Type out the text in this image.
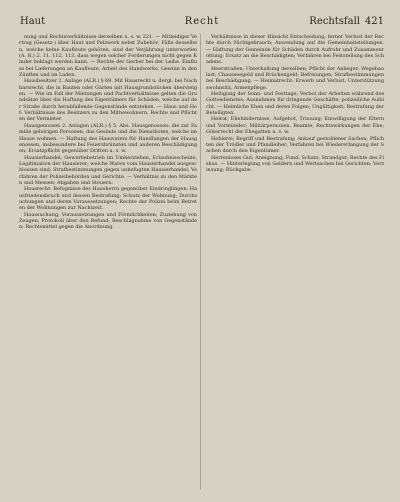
Haut	Recht	Rechtsfall 421

nung und Rechtsverhältnisse derselben u. s. w. 221. — Mitleidiger Vertrag (Gesetz-) über Haut und Pelzwerk nebst Zubehör; Fälle desselben, welche keine Kaufleute gehören, sind der Verjährung unterworfen (A. R.) 2. 11. 112, 113. dass wegen solcher Forderungen nicht gegen Kinder beklagt werden kann. — Rechte der Gerber bei der Leihe. Einfluss bei Lieferungen an Kaufleute, Arbeit des Handwerks, Gewinn in den Zünften und im Laden.

Hausbesitzer 2. Anlage (ALR.) § 69. Mit Hausrecht u. dergl. bei Nachbarsrecht, die in Bauten oder Gärten mit Hausgrundstücken übersteigen. — Wie im Fall der Mietungen und Pachtverhältnisse gelten die Grundsätze über die Haftung des Eigentümers für Schäden, welche auf der Straße durch herabfallende Gegenstände entstehen. — Haus und Hof: Verhältnisse des Besitzers zu den Mitbewohnern, Rechte und Pflichten der Vermieter.

Hausgenossen 2. Anlagen (ALR.) § 5. Abs. Hausgenossen: die zur Familie gehörigen Personen, das Gesinde und die Dienstboten, welche im Hause wohnen. — Haftung des Hausvaters für Handlungen der Hausgenossen, insbesondere bei Feuersbrünsten und anderen Beschädigungen; Ersatzpflicht gegenüber Dritten u. s. w.

Hausierhandel; Gewerbebetrieb im Umherziehen, Erlaubnisscheine, Legitimation der Hausierer; welche Waren vom Hausierhandel ausgeschlossen sind; Strafbestimmungen gegen unbefugten Hausierhandel; Verfahren der Polizeibehörden und Gerichte. — Verhältnis zu den Märkten und Messen; Abgaben und Steuern.

Hausrecht: Befugnisse des Hausherrn gegenüber Eindringlingen; Hausfriedensbruch und dessen Bestrafung; Schutz der Wohnung; Durchsuchungen und deren Voraussetzungen; Rechte der Polizei beim Betreten der Wohnungen zur Nachtzeit.

Haussuchung, Voraussetzungen und Förmlichkeiten; Zuziehung von Zeugen; Protokoll über den Befund; Beschlagnahme von Gegenständen; Rechtsmittel gegen die Anordnung.

Verhältnisse in dieser Hinsicht Entscheidung; ferner Verlust der Rechte durch Nichtgebrauch; Anwendung auf die Gemeinheitsteilungen. — Haftung der Gemeinde für Schäden durch Aufruhr und Zusammenrottung; Ersatz an die Beschädigten; Verfahren bei Feststellung des Schadens.

Heerstraßen; Unterhaltung derselben; Pflicht der Anlieger; Wegebaulast; Chausseegeld und Brückengeld; Befreiungen; Strafbestimmungen bei Beschädigung. — Heimatrecht: Erwerb und Verlust, Unterstützungswohnsitz, Armenpflege.

Heiligung der Sonn- und Festtage; Verbot der Arbeiten während des Gottesdienstes; Ausnahmen für dringende Geschäfte; polizeiliche Aufsicht. — Heimliche Ehen und deren Folgen; Ungültigkeit; Bestrafung der Beteiligten.

Heirat; Ehehindernisse, Aufgebot, Trauung; Einwilligung der Eltern und Vormünder; Militärpersonen, Beamte; Rechtswirkungen der Ehe; Güterrecht der Ehegatten u. s. w.

Hehlerei; Begriff und Bestrafung; Ankauf gestohlener Sachen; Pflichten der Trödler und Pfandleiher; Verfahren bei Wiedererlangung der Sachen durch den Eigentümer.

Herrenloses Gut; Aneignung; Fund; Schatz; Strandgut; Rechte des Fiskus. — Hinterlegung von Geldern und Wertsachen bei Gerichten; Verzinsung; Rückgabe.
